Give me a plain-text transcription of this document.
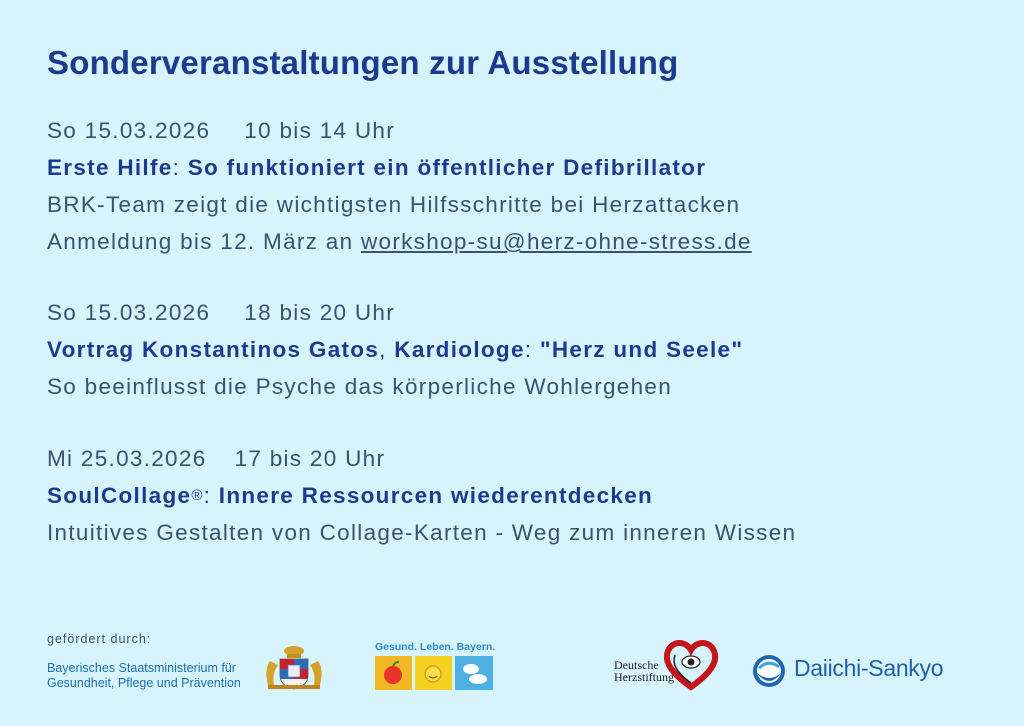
Sonderveranstaltungen zur Ausstellung
So 15.03.2026 10 bis 14 Uhr
Erste Hilfe: So funktioniert ein öffentlicher Defibrillator
BRK-Team zeigt die wichtigsten Hilfsschritte bei Herzattacken
Anmeldung bis 12. März an workshop-su@herz-ohne-stress.de
So 15.03.2026 18 bis 20 Uhr
Vortrag Konstantinos Gatos, Kardiologe: "Herz und Seele"
So beeinflusst die Psyche das körperliche Wohlergehen
Mi 25.03.2026 17 bis 20 Uhr
SoulCollage®: Innere Ressourcen wiederentdecken
Intuitives Gestalten von Collage-Karten - Weg zum inneren Wissen
gefördert durch:
Bayerisches Staatsministerium für
Gesundheit, Pflege und Prävention
Gesund. Leben. Bayern.
Deutsche
Herzstiftung	Daiichi-Sankyo
